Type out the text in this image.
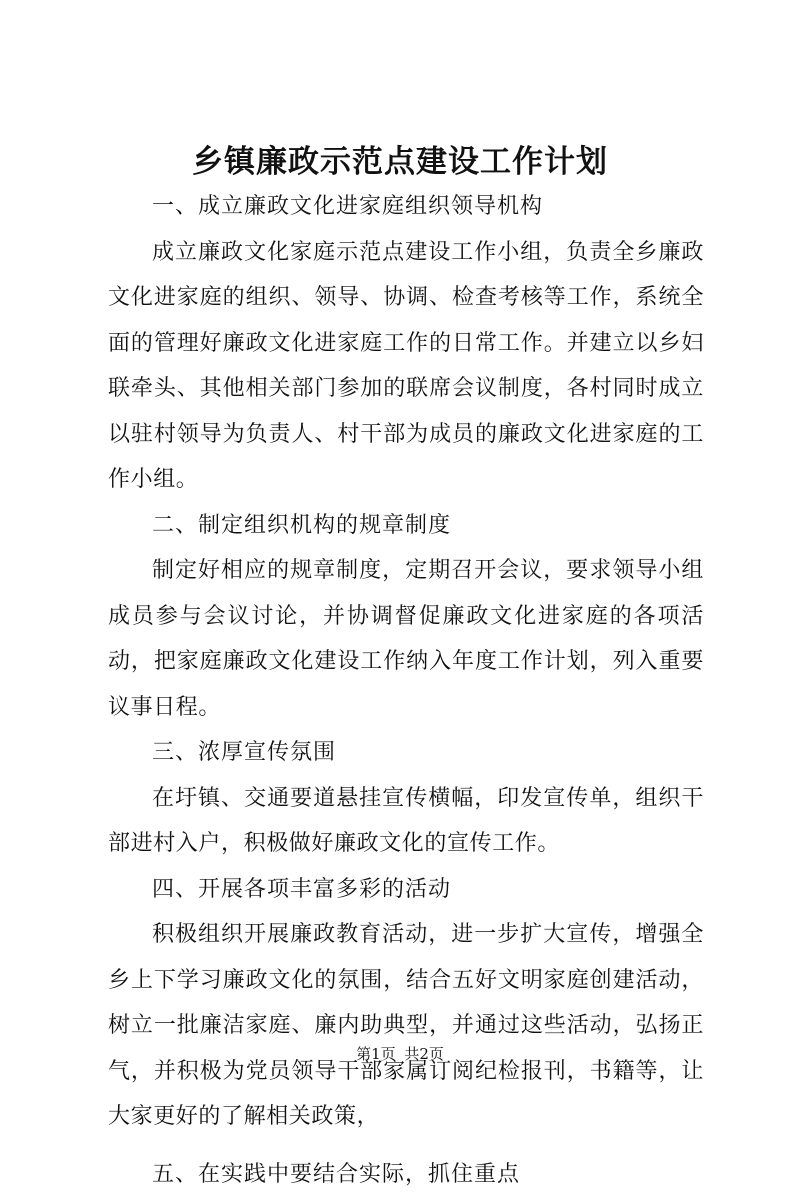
乡镇廉政示范点建设工作计划

一、成立廉政文化进家庭组织领导机构

成立廉政文化家庭示范点建设工作小组，负责全乡廉政文化进家庭的组织、领导、协调、检查考核等工作，系统全面的管理好廉政文化进家庭工作的日常工作。并建立以乡妇联牵头、其他相关部门参加的联席会议制度，各村同时成立以驻村领导为负责人、村干部为成员的廉政文化进家庭的工作小组。

二、制定组织机构的规章制度

制定好相应的规章制度，定期召开会议，要求领导小组成员参与会议讨论，并协调督促廉政文化进家庭的各项活动，把家庭廉政文化建设工作纳入年度工作计划，列入重要议事日程。

三、浓厚宣传氛围

在圩镇、交通要道悬挂宣传横幅，印发宣传单，组织干部进村入户，积极做好廉政文化的宣传工作。

四、开展各项丰富多彩的活动

积极组织开展廉政教育活动，进一步扩大宣传，增强全乡上下学习廉政文化的氛围，结合五好文明家庭创建活动，树立一批廉洁家庭、廉内助典型，并通过这些活动，弘扬正气，并积极为党员领导干部家属订阅纪检报刊，书籍等，让大家更好的了解相关政策，

五、在实践中要结合实际，抓住重点

第1页 共2页
